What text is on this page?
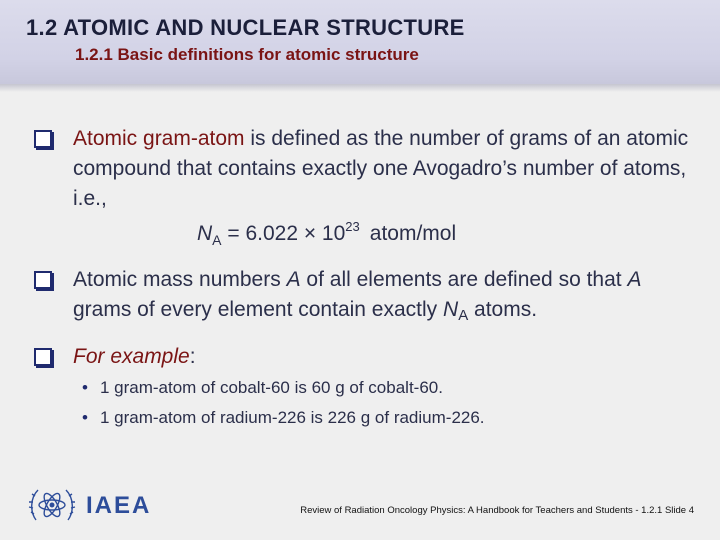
1.2 ATOMIC AND NUCLEAR STRUCTURE
1.2.1 Basic definitions for atomic structure
Atomic gram-atom is defined as the number of grams of an atomic compound that contains exactly one Avogadro’s number of atoms, i.e.,
$N_A = 6.022 \times 10^{23}$ atom/mol
Atomic mass numbers A of all elements are defined so that A grams of every element contain exactly NA atoms.
For example:
• 1 gram-atom of cobalt-60 is 60 g of cobalt-60.
• 1 gram-atom of radium-226 is 226 g of radium-226.
IAEA	Review of Radiation Oncology Physics: A Handbook for Teachers and Students - 1.2.1 Slide 4
